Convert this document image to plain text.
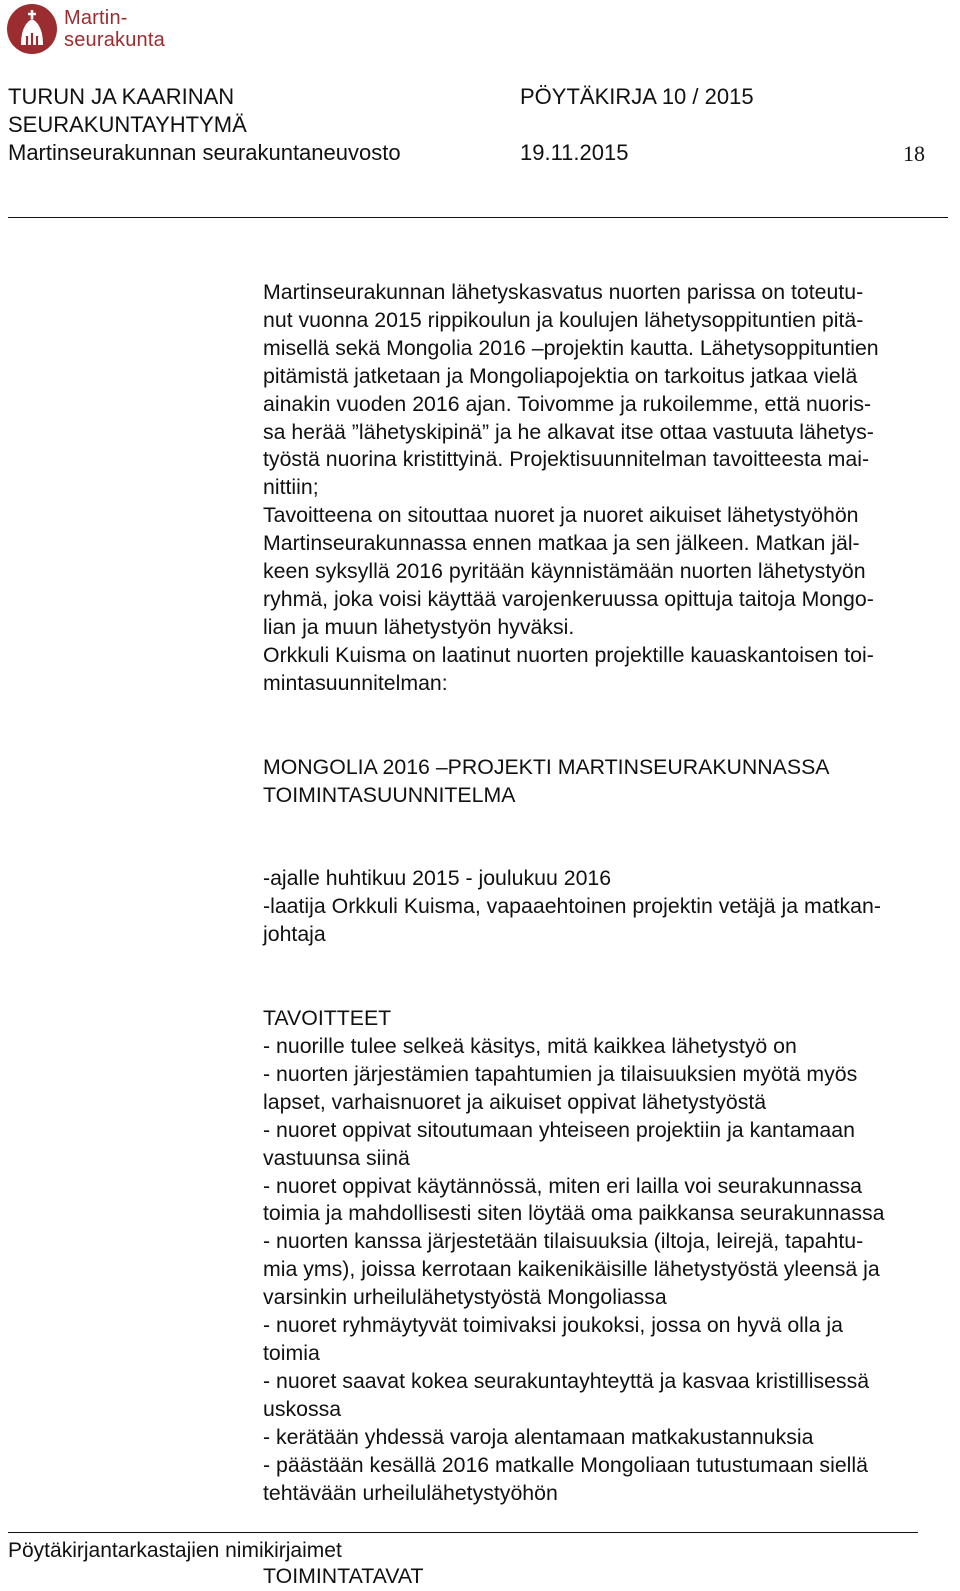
Martin-
seurakunta
TURUN JA KAARINAN
SEURAKUNTAYHTYMÄ
Martinseurakunnan seurakuntaneuvosto
PÖYTÄKIRJA 10 / 2015
19.11.2015	18

Martinseurakunnan lähetyskasvatus nuorten parissa on toteutu-

nut vuonna 2015 rippikoulun ja koulujen lähetysoppituntien pitä-

misellä sekä Mongolia 2016 –projektin kautta. Lähetysoppituntien

pitämistä jatketaan ja Mongoliapojektia on tarkoitus jatkaa vielä

ainakin vuoden 2016 ajan. Toivomme ja rukoilemme, että nuoris-

sa herää ”lähetyskipinä” ja he alkavat itse ottaa vastuuta lähetys-

työstä nuorina kristittyinä. Projektisuunnitelman tavoitteesta mai-

nittiin;

Tavoitteena on sitouttaa nuoret ja nuoret aikuiset lähetystyöhön

Martinseurakunnassa ennen matkaa ja sen jälkeen. Matkan jäl-

keen syksyllä 2016 pyritään käynnistämään nuorten lähetystyön

ryhmä, joka voisi käyttää varojenkeruussa opittuja taitoja Mongo-

lian ja muun lähetystyön hyväksi.

Orkkuli Kuisma on laatinut nuorten projektille kauaskantoisen toi-

mintasuunnitelman:

MONGOLIA 2016 –PROJEKTI MARTINSEURAKUNNASSA

TOIMINTASUUNNITELMA

-ajalle huhtikuu 2015 - joulukuu 2016

-laatija Orkkuli Kuisma, vapaaehtoinen projektin vetäjä ja matkan-

johtaja

TAVOITTEET

- nuorille tulee selkeä käsitys, mitä kaikkea lähetystyö on

- nuorten järjestämien tapahtumien ja tilaisuuksien myötä myös

lapset, varhaisnuoret ja aikuiset oppivat lähetystyöstä

- nuoret oppivat sitoutumaan yhteiseen projektiin ja kantamaan

vastuunsa siinä

- nuoret oppivat käytännössä, miten eri lailla voi seurakunnassa

toimia ja mahdollisesti siten löytää oma paikkansa seurakunnassa

- nuorten kanssa järjestetään tilaisuuksia (iltoja, leirejä, tapahtu-

mia yms), joissa kerrotaan kaikenikäisille lähetystyöstä yleensä ja

varsinkin urheilulähetystyöstä Mongoliassa

- nuoret ryhmäytyvät toimivaksi joukoksi, jossa on hyvä olla ja

toimia

- nuoret saavat kokea seurakuntayhteyttä ja kasvaa kristillisessä

uskossa

- kerätään yhdessä varoja alentamaan matkakustannuksia

- päästään kesällä 2016 matkalle Mongoliaan tutustumaan siellä

tehtävään urheilulähetystyöhön

TOIMINTATAVAT

Pöytäkirjantarkastajien nimikirjaimet
